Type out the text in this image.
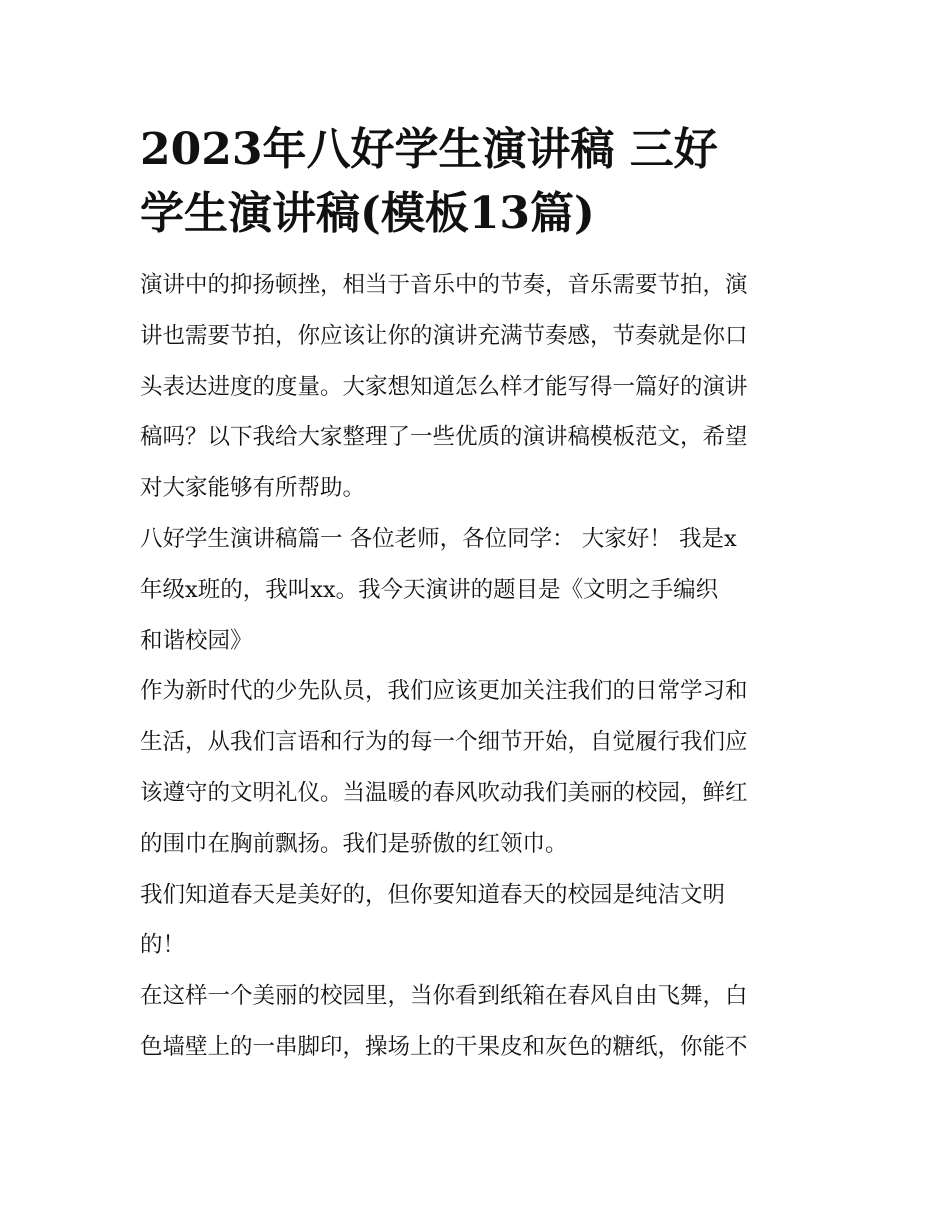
2023年八好学生演讲稿 三好
学生演讲稿(模板13篇)

演讲中的抑扬顿挫，相当于音乐中的节奏，音乐需要节拍，演
讲也需要节拍，你应该让你的演讲充满节奏感，节奏就是你口
头表达进度的度量。大家想知道怎么样才能写得一篇好的演讲
稿吗？以下我给大家整理了一些优质的演讲稿模板范文，希望
对大家能够有所帮助。

八好学生演讲稿篇一 各位老师，各位同学： 大家好！ 我是x
年级x班的，我叫xx。我今天演讲的题目是《文明之手编织
和谐校园》

作为新时代的少先队员，我们应该更加关注我们的日常学习和
生活，从我们言语和行为的每一个细节开始，自觉履行我们应
该遵守的文明礼仪。当温暖的春风吹动我们美丽的校园，鲜红
的围巾在胸前飘扬。我们是骄傲的红领巾。

我们知道春天是美好的，但你要知道春天的校园是纯洁文明
的！

在这样一个美丽的校园里，当你看到纸箱在春风自由飞舞，白
色墙壁上的一串脚印，操场上的干果皮和灰色的糖纸，你能不
